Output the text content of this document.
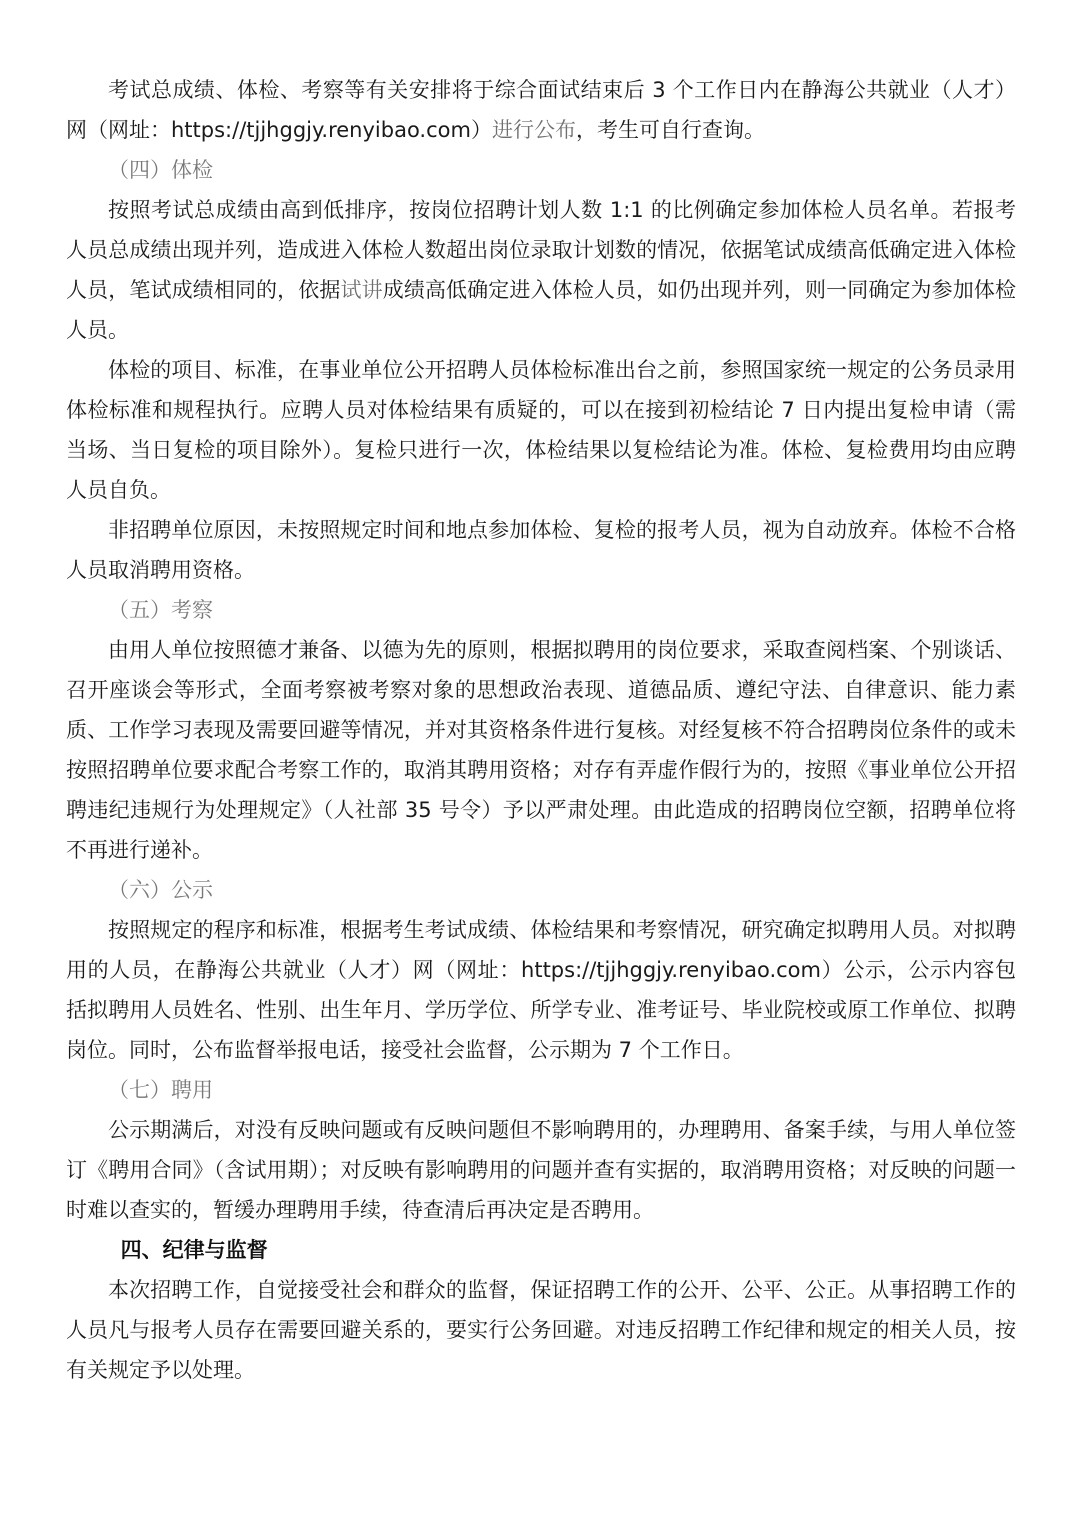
考试总成绩、体检、考察等有关安排将于综合面试结束后 3 个工作日内在静海公共就业（人才）网（网址：https://tjjhggjy.renyibao.com）进行公布，考生可自行查询。

（四）体检

按照考试总成绩由高到低排序，按岗位招聘计划人数 1:1 的比例确定参加体检人员名单。若报考人员总成绩出现并列，造成进入体检人数超出岗位录取计划数的情况，依据笔试成绩高低确定进入体检人员，笔试成绩相同的，依据试讲成绩高低确定进入体检人员，如仍出现并列，则一同确定为参加体检人员。

体检的项目、标准，在事业单位公开招聘人员体检标准出台之前，参照国家统一规定的公务员录用体检标准和规程执行。应聘人员对体检结果有质疑的，可以在接到初检结论 7 日内提出复检申请（需当场、当日复检的项目除外）。复检只进行一次，体检结果以复检结论为准。体检、复检费用均由应聘人员自负。

非招聘单位原因，未按照规定时间和地点参加体检、复检的报考人员，视为自动放弃。体检不合格人员取消聘用资格。

（五）考察

由用人单位按照德才兼备、以德为先的原则，根据拟聘用的岗位要求，采取查阅档案、个别谈话、召开座谈会等形式，全面考察被考察对象的思想政治表现、道德品质、遵纪守法、自律意识、能力素质、工作学习表现及需要回避等情况，并对其资格条件进行复核。对经复核不符合招聘岗位条件的或未按照招聘单位要求配合考察工作的，取消其聘用资格；对存有弄虚作假行为的，按照《事业单位公开招聘违纪违规行为处理规定》（人社部 35 号令）予以严肃处理。由此造成的招聘岗位空额，招聘单位将不再进行递补。

（六）公示

按照规定的程序和标准，根据考生考试成绩、体检结果和考察情况，研究确定拟聘用人员。对拟聘用的人员，在静海公共就业（人才）网（网址：https://tjjhggjy.renyibao.com）公示，公示内容包括拟聘用人员姓名、性别、出生年月、学历学位、所学专业、准考证号、毕业院校或原工作单位、拟聘岗位。同时，公布监督举报电话，接受社会监督，公示期为 7 个工作日。

（七）聘用

公示期满后，对没有反映问题或有反映问题但不影响聘用的，办理聘用、备案手续，与用人单位签订《聘用合同》（含试用期）；对反映有影响聘用的问题并查有实据的，取消聘用资格；对反映的问题一时难以查实的，暂缓办理聘用手续，待查清后再决定是否聘用。

四、纪律与监督

本次招聘工作，自觉接受社会和群众的监督，保证招聘工作的公开、公平、公正。从事招聘工作的人员凡与报考人员存在需要回避关系的，要实行公务回避。对违反招聘工作纪律和规定的相关人员，按有关规定予以处理。
